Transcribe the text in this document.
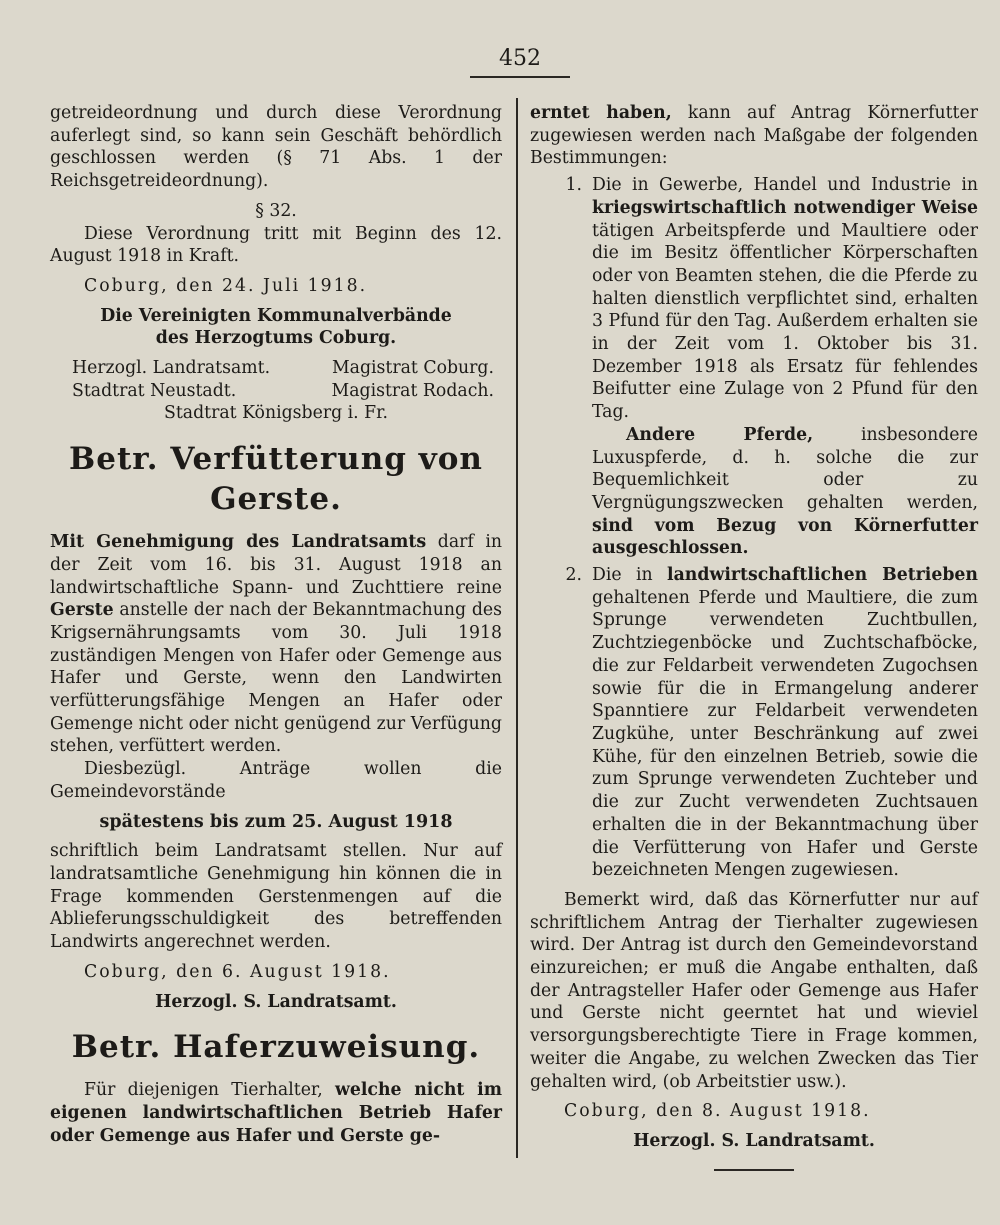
452

getreideordnung und durch diese Verordnung auferlegt sind, so kann sein Geschäft behördlich geschlossen werden (§ 71 Abs. 1 der Reichsgetreideordnung).

§ 32.

Diese Verordnung tritt mit Beginn des 12. August 1918 in Kraft.

Coburg, den 24. Juli 1918.

Die Vereinigten Kommunalverbände

des Herzogtums Coburg.

Herzogl. Landratsamt.	Magistrat Coburg.
Stadtrat Neustadt.	Magistrat Rodach.

Stadtrat Königsberg i. Fr.

Betr. Verfütterung von Gerste.

Mit Genehmigung des Landratsamts darf in der Zeit vom 16. bis 31. August 1918 an landwirtschaftliche Spann- und Zuchttiere reine Gerste anstelle der nach der Bekanntmachung des Krigsernährungsamts vom 30. Juli 1918 zuständigen Mengen von Hafer oder Gemenge aus Hafer und Gerste, wenn den Landwirten verfütterungsfähige Mengen an Hafer oder Gemenge nicht oder nicht genügend zur Verfügung stehen, verfüttert werden.

Diesbezügl. Anträge wollen die Gemeindevorstände

spätestens bis zum 25. August 1918

schriftlich beim Landratsamt stellen. Nur auf landratsamtliche Genehmigung hin können die in Frage kommenden Gerstenmengen auf die Ablieferungsschuldigkeit des betreffenden Landwirts angerechnet werden.

Coburg, den 6. August 1918.

Herzogl. S. Landratsamt.

Betr. Haferzuweisung.

Für diejenigen Tierhalter, welche nicht im eigenen landwirtschaftlichen Betrieb Hafer oder Gemenge aus Hafer und Gerste ge-

erntet haben, kann auf Antrag Körnerfutter zugewiesen werden nach Maßgabe der folgenden Bestimmungen:

1. Die in Gewerbe, Handel und Industrie in kriegswirtschaftlich notwendiger Weise tätigen Arbeitspferde und Maultiere oder die im Besitz öffentlicher Körperschaften oder von Beamten stehen, die die Pferde zu halten dienstlich verpflichtet sind, erhalten 3 Pfund für den Tag. Außerdem erhalten sie in der Zeit vom 1. Oktober bis 31. Dezember 1918 als Ersatz für fehlendes Beifutter eine Zulage von 2 Pfund für den Tag.

Andere Pferde, insbesondere Luxuspferde, d. h. solche die zur Bequemlichkeit oder zu Vergnügungszwecken gehalten werden, sind vom Bezug von Körnerfutter ausgeschlossen.

2. Die in landwirtschaftlichen Betrieben gehaltenen Pferde und Maultiere, die zum Sprunge verwendeten Zuchtbullen, Zuchtziegenböcke und Zuchtschafböcke, die zur Feldarbeit verwendeten Zugochsen sowie für die in Ermangelung anderer Spanntiere zur Feldarbeit verwendeten Zugkühe, unter Beschränkung auf zwei Kühe, für den einzelnen Betrieb, sowie die zum Sprunge verwendeten Zuchteber und die zur Zucht verwendeten Zuchtsauen erhalten die in der Bekanntmachung über die Verfütterung von Hafer und Gerste bezeichneten Mengen zugewiesen.

Bemerkt wird, daß das Körnerfutter nur auf schriftlichem Antrag der Tierhalter zugewiesen wird. Der Antrag ist durch den Gemeindevorstand einzureichen; er muß die Angabe enthalten, daß der Antragsteller Hafer oder Gemenge aus Hafer und Gerste nicht geerntet hat und wieviel versorgungsberechtigte Tiere in Frage kommen, weiter die Angabe, zu welchen Zwecken das Tier gehalten wird, (ob Arbeitstier usw.).

Coburg, den 8. August 1918.

Herzogl. S. Landratsamt.
